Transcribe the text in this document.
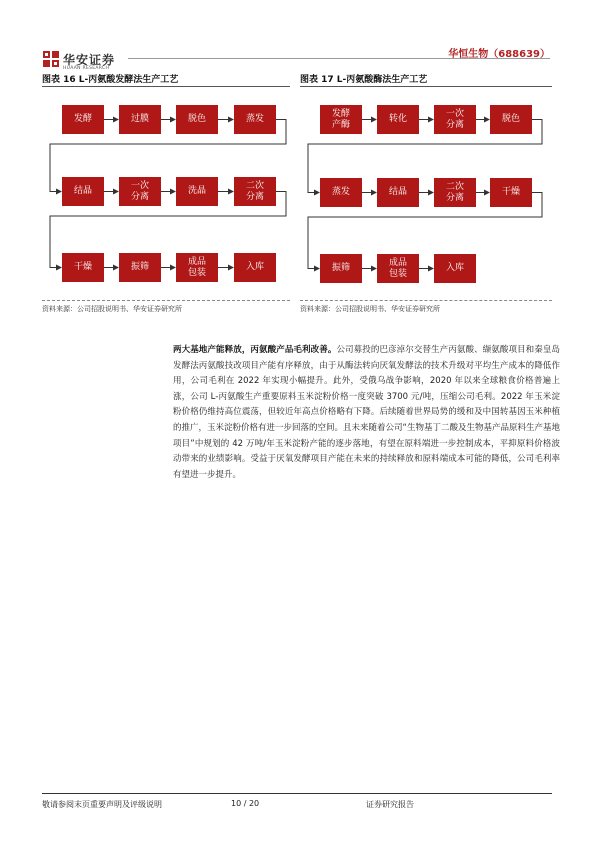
华安证券
HUAAN RESEARCH
华恒生物（688639）
图表 16 L-丙氨酸发酵法生产工艺	图表 17 L-丙氨酸酶法生产工艺
发酵	过膜	脱色	蒸发
结晶
一次
分离
洗晶
二次
分离
干燥	振筛
成品
包装
入库
发酵
产酶
转化
一次
分离
脱色
蒸发	结晶
二次
分离
干燥
振筛
成品
包装
入库
资料来源：公司招股说明书、华安证券研究所	资料来源：公司招股说明书、华安证券研究所
两大基地产能释放，丙氨酸产品毛利改善。公司募投的巴彦淖尔交替生产丙氨酸、缬氨酸项目和秦皇岛发酵法丙氨酸技改项目产能有序释放，由于从酶法转向厌氧发酵法的技术升级对平均生产成本的降低作用，公司毛利在 2022 年实现小幅提升。此外，受俄乌战争影响，2020 年以来全球粮食价格普遍上涨，公司 L-丙氨酸生产重要原料玉米淀粉价格一度突破 3700 元/吨，压缩公司毛利。2022 年玉米淀粉价格仍维持高位震荡，但较近年高点价格略有下降。后续随着世界局势的缓和及中国转基因玉米种植的推广，玉米淀粉价格有进一步回落的空间。且未来随着公司“生物基丁二酸及生物基产品原料生产基地项目”中规划的 42 万吨/年玉米淀粉产能的逐步落地，有望在原料端进一步控制成本，平抑原料价格波动带来的业绩影响。受益于厌氧发酵项目产能在未来的持续释放和原料端成本可能的降低，公司毛利率有望进一步提升。
敬请参阅末页重要声明及评级说明	10 / 20	证券研究报告
